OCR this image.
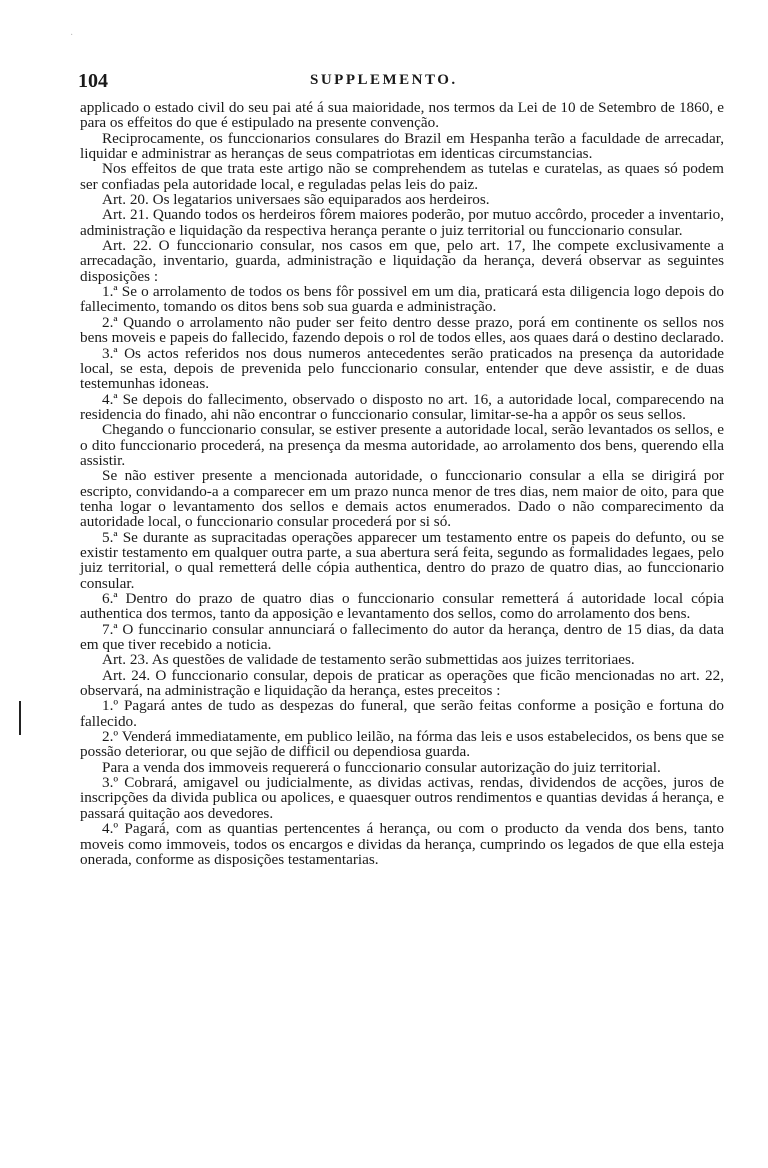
·
104	SUPPLEMENTO.

applicado o estado civil do seu pai até á sua maioridade, nos termos da Lei de 10 de Setembro de 1860, e para os effeitos do que é estipulado na presente convenção.

Reciprocamente, os funccionarios consulares do Brazil em Hespanha terão a faculdade de arrecadar, liquidar e administrar as heranças de seus compatriotas em identicas circumstancias.

Nos effeitos de que trata este artigo não se comprehendem as tutelas e curatelas, as quaes só podem ser confiadas pela autoridade local, e reguladas pelas leis do paiz.

Art. 20. Os legatarios universaes são equiparados aos herdeiros.

Art. 21. Quando todos os herdeiros fôrem maiores poderão, por mutuo accôrdo, proceder a inventario, administração e liquidação da respectiva herança perante o juiz territorial ou funccionario consular.

Art. 22. O funccionario consular, nos casos em que, pelo art. 17, lhe compete exclusivamente a arrecadação, inventario, guarda, administração e liquidação da herança, deverá observar as seguintes disposições :

1.ª Se o arrolamento de todos os bens fôr possivel em um dia, praticará esta diligencia logo depois do fallecimento, tomando os ditos bens sob sua guarda e administração.

2.ª Quando o arrolamento não puder ser feito dentro desse prazo, porá em continente os sellos nos bens moveis e papeis do fallecido, fazendo depois o rol de todos elles, aos quaes dará o destino declarado.

3.ª Os actos referidos nos dous numeros antecedentes serão praticados na presença da autoridade local, se esta, depois de prevenida pelo funccionario consular, entender que deve assistir, e de duas testemunhas idoneas.

4.ª Se depois do fallecimento, observado o disposto no art. 16, a autoridade local, comparecendo na residencia do finado, ahi não encontrar o funccionario consular, limitar-se-ha a appôr os seus sellos.

Chegando o funccionario consular, se estiver presente a autoridade local, serão levantados os sellos, e o dito funccionario procederá, na presença da mesma autoridade, ao arrolamento dos bens, querendo ella assistir.

Se não estiver presente a mencionada autoridade, o funccionario consular a ella se dirigirá por escripto, convidando-a a comparecer em um prazo nunca menor de tres dias, nem maior de oito, para que tenha logar o levantamento dos sellos e demais actos enumerados. Dado o não comparecimento da autoridade local, o funccionario consular procederá por si só.

5.ª Se durante as supracitadas operações apparecer um testamento entre os papeis do defunto, ou se existir testamento em qualquer outra parte, a sua abertura será feita, segundo as formalidades legaes, pelo juiz territorial, o qual remetterá delle cópia authentica, dentro do prazo de quatro dias, ao funccionario consular.

6.ª Dentro do prazo de quatro dias o funccionario consular remetterá á autoridade local cópia authentica dos termos, tanto da apposição e levantamento dos sellos, como do arrolamento dos bens.

7.ª O funccinario consular annunciará o fallecimento do autor da herança, dentro de 15 dias, da data em que tiver recebido a noticia.

Art. 23. As questões de validade de testamento serão submettidas aos juizes territoriaes.

Art. 24. O funccionario consular, depois de praticar as operações que ficão mencionadas no art. 22, observará, na administração e liquidação da herança, estes preceitos :

1.º Pagará antes de tudo as despezas do funeral, que serão feitas conforme a posição e fortuna do fallecido.

2.º Venderá immediatamente, em publico leilão, na fórma das leis e usos estabelecidos, os bens que se possão deteriorar, ou que sejão de difficil ou dependiosa guarda.

Para a venda dos immoveis requererá o funccionario consular autorização do juiz territorial.

3.º Cobrará, amigavel ou judicialmente, as dividas activas, rendas, dividendos de acções, juros de inscripções da divida publica ou apolices, e quaesquer outros rendimentos e quantias devidas á herança, e passará quitação aos devedores.

4.º Pagará, com as quantias pertencentes á herança, ou com o producto da venda dos bens, tanto moveis como immoveis, todos os encargos e dividas da herança, cumprindo os legados de que ella esteja onerada, conforme as disposições testamentarias.
